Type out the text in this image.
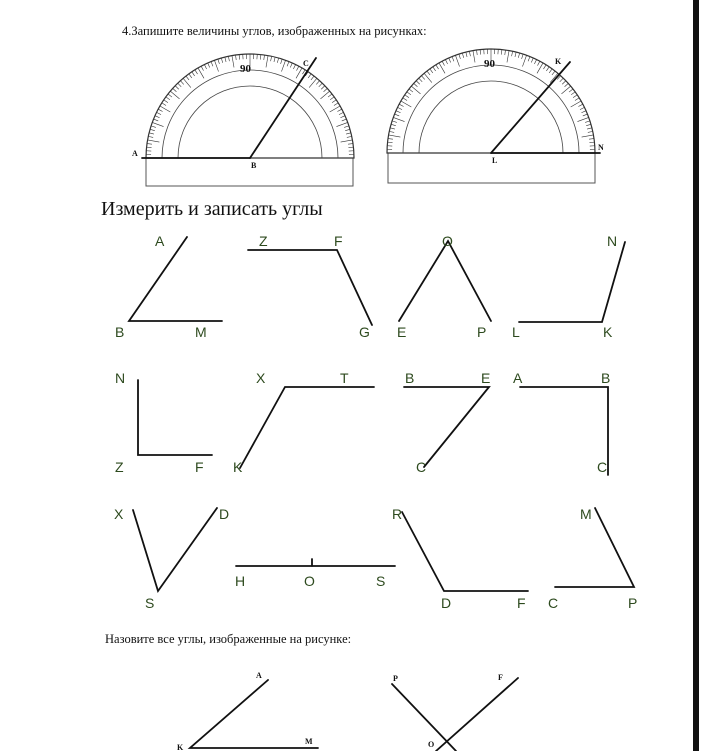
4.Запишите величины углов, изображенных на рисунках:
Измерить и записать углы
Назовите все углы, изображенные на рисунке:
90
A
B
C	90	K
L
N
A
B	M
Z	F
G
O
E	P
N
L	K
N
Z	F
X	T
K
B	E
C
A	B
C
X	D
S
H	O	S
R
D	F
M
C	P
A
K
M
P	F
O
